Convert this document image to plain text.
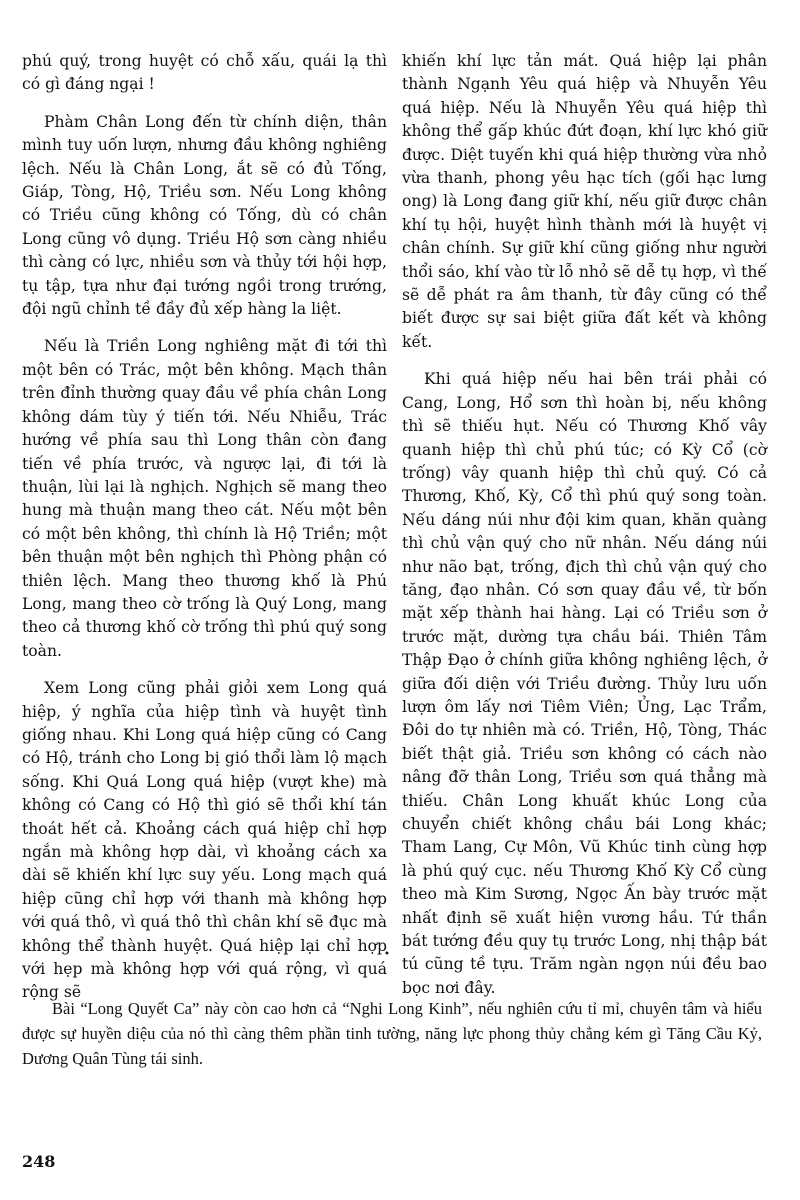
phú quý, trong huyệt có chỗ xấu, quái lạ thì có gì đáng ngại !

Phàm Chân Long đến từ chính diện, thân mình tuy uốn lượn, nhưng đầu không nghiêng lệch. Nếu là Chân Long, ắt sẽ có đủ Tống, Giáp, Tòng, Hộ, Triều sơn. Nếu Long không có Triều cũng không có Tống, dù có chân Long cũng vô dụng. Triều Hộ sơn càng nhiều thì càng có lực, nhiều sơn và thủy tới hội hợp, tụ tập, tựa như đại tướng ngồi trong trướng, đội ngũ chỉnh tề đầy đủ xếp hàng la liệt.

Nếu là Triền Long nghiêng mặt đi tới thì một bên có Trác, một bên không. Mạch thân trên đỉnh thường quay đầu về phía chân Long không dám tùy ý tiến tới. Nếu Nhiễu, Trác hướng về phía sau thì Long thân còn đang tiến về phía trước, và ngược lại, đi tới là thuận, lùi lại là nghịch. Nghịch sẽ mang theo hung mà thuận mang theo cát. Nếu một bên có một bên không, thì chính là Hộ Triền; một bên thuận một bên nghịch thì Phòng phận có thiên lệch. Mang theo thương khố là Phú Long, mang theo cờ trống là Quý Long, mang theo cả thương khố cờ trống thì phú quý song toàn.

Xem Long cũng phải giỏi xem Long quá hiệp, ý nghĩa của hiệp tình và huyệt tình giống nhau. Khi Long quá hiệp cũng có Cang có Hộ, tránh cho Long bị gió thổi làm lộ mạch sống. Khi Quá Long quá hiệp (vượt khe) mà không có Cang có Hộ thì gió sẽ thổi khí tán thoát hết cả. Khoảng cách quá hiệp chỉ hợp ngắn mà không hợp dài, vì khoảng cách xa dài sẽ khiến khí lực suy yếu. Long mạch quá hiệp cũng chỉ hợp với thanh mà không hợp với quá thô, vì quá thô thì chân khí sẽ đục mà không thể thành huyệt. Quá hiệp lại chỉ hợp với hẹp mà không hợp với quá rộng, vì quá rộng sẽ

khiến khí lực tản mát. Quá hiệp lại phân thành Ngạnh Yêu quá hiệp và Nhuyễn Yêu quá hiệp. Nếu là Nhuyễn Yêu quá hiệp thì không thể gấp khúc đứt đoạn, khí lực khó giữ được. Diệt tuyến khi quá hiệp thường vừa nhỏ vừa thanh, phong yêu hạc tích (gối hạc lưng ong) là Long đang giữ khí, nếu giữ được chân khí tụ hội, huyệt hình thành mới là huyệt vị chân chính. Sự giữ khí cũng giống như người thổi sáo, khí vào từ lỗ nhỏ sẽ dễ tụ hợp, vì thế sẽ dễ phát ra âm thanh, từ đây cũng có thể biết được sự sai biệt giữa đất kết và không kết.

Khi quá hiệp nếu hai bên trái phải có Cang, Long, Hổ sơn thì hoàn bị, nếu không thì sẽ thiếu hụt. Nếu có Thương Khố vây quanh hiệp thì chủ phú túc; có Kỳ Cổ (cờ trống) vây quanh hiệp thì chủ quý. Có cả Thương, Khố, Kỳ, Cổ thì phú quý song toàn. Nếu dáng núi như đội kim quan, khăn quàng thì chủ vận quý cho nữ nhân. Nếu dáng núi như não bạt, trống, địch thì chủ vận quý cho tăng, đạo nhân. Có sơn quay đầu về, từ bốn mặt xếp thành hai hàng. Lại có Triều sơn ở trước mặt, dường tựa chầu bái. Thiên Tâm Thập Đạo ở chính giữa không nghiêng lệch, ở giữa đối diện với Triều đường. Thủy lưu uốn lượn ôm lấy nơi Tiêm Viên; Ủng, Lạc Trẩm, Đôi do tự nhiên mà có. Triền, Hộ, Tòng, Thác biết thật giả. Triều sơn không có cách nào nâng đỡ thân Long, Triều sơn quá thẳng mà thiếu. Chân Long khuất khúc Long của chuyển chiết không chầu bái Long khác; Tham Lang, Cự Môn, Vũ Khúc tinh cùng hợp là phú quý cục. nếu Thương Khố Kỳ Cổ cùng theo mà Kim Sương, Ngọc Ấn bày trước mặt nhất định sẽ xuất hiện vương hầu. Tứ thần bát tướng đều quy tụ trước Long, nhị thập bát tú cũng tề tựu. Trăm ngàn ngọn núi đều bao bọc nơi đây.

•

Bài “Long Quyết Ca” này còn cao hơn cả “Nghi Long Kinh”, nếu nghiên cứu tỉ mỉ, chuyên tâm và hiểu được sự huyền diệu của nó thì càng thêm phần tinh tường, năng lực phong thủy chẳng kém gì Tăng Cầu Kỷ, Dương Quân Tùng tái sinh.

248
